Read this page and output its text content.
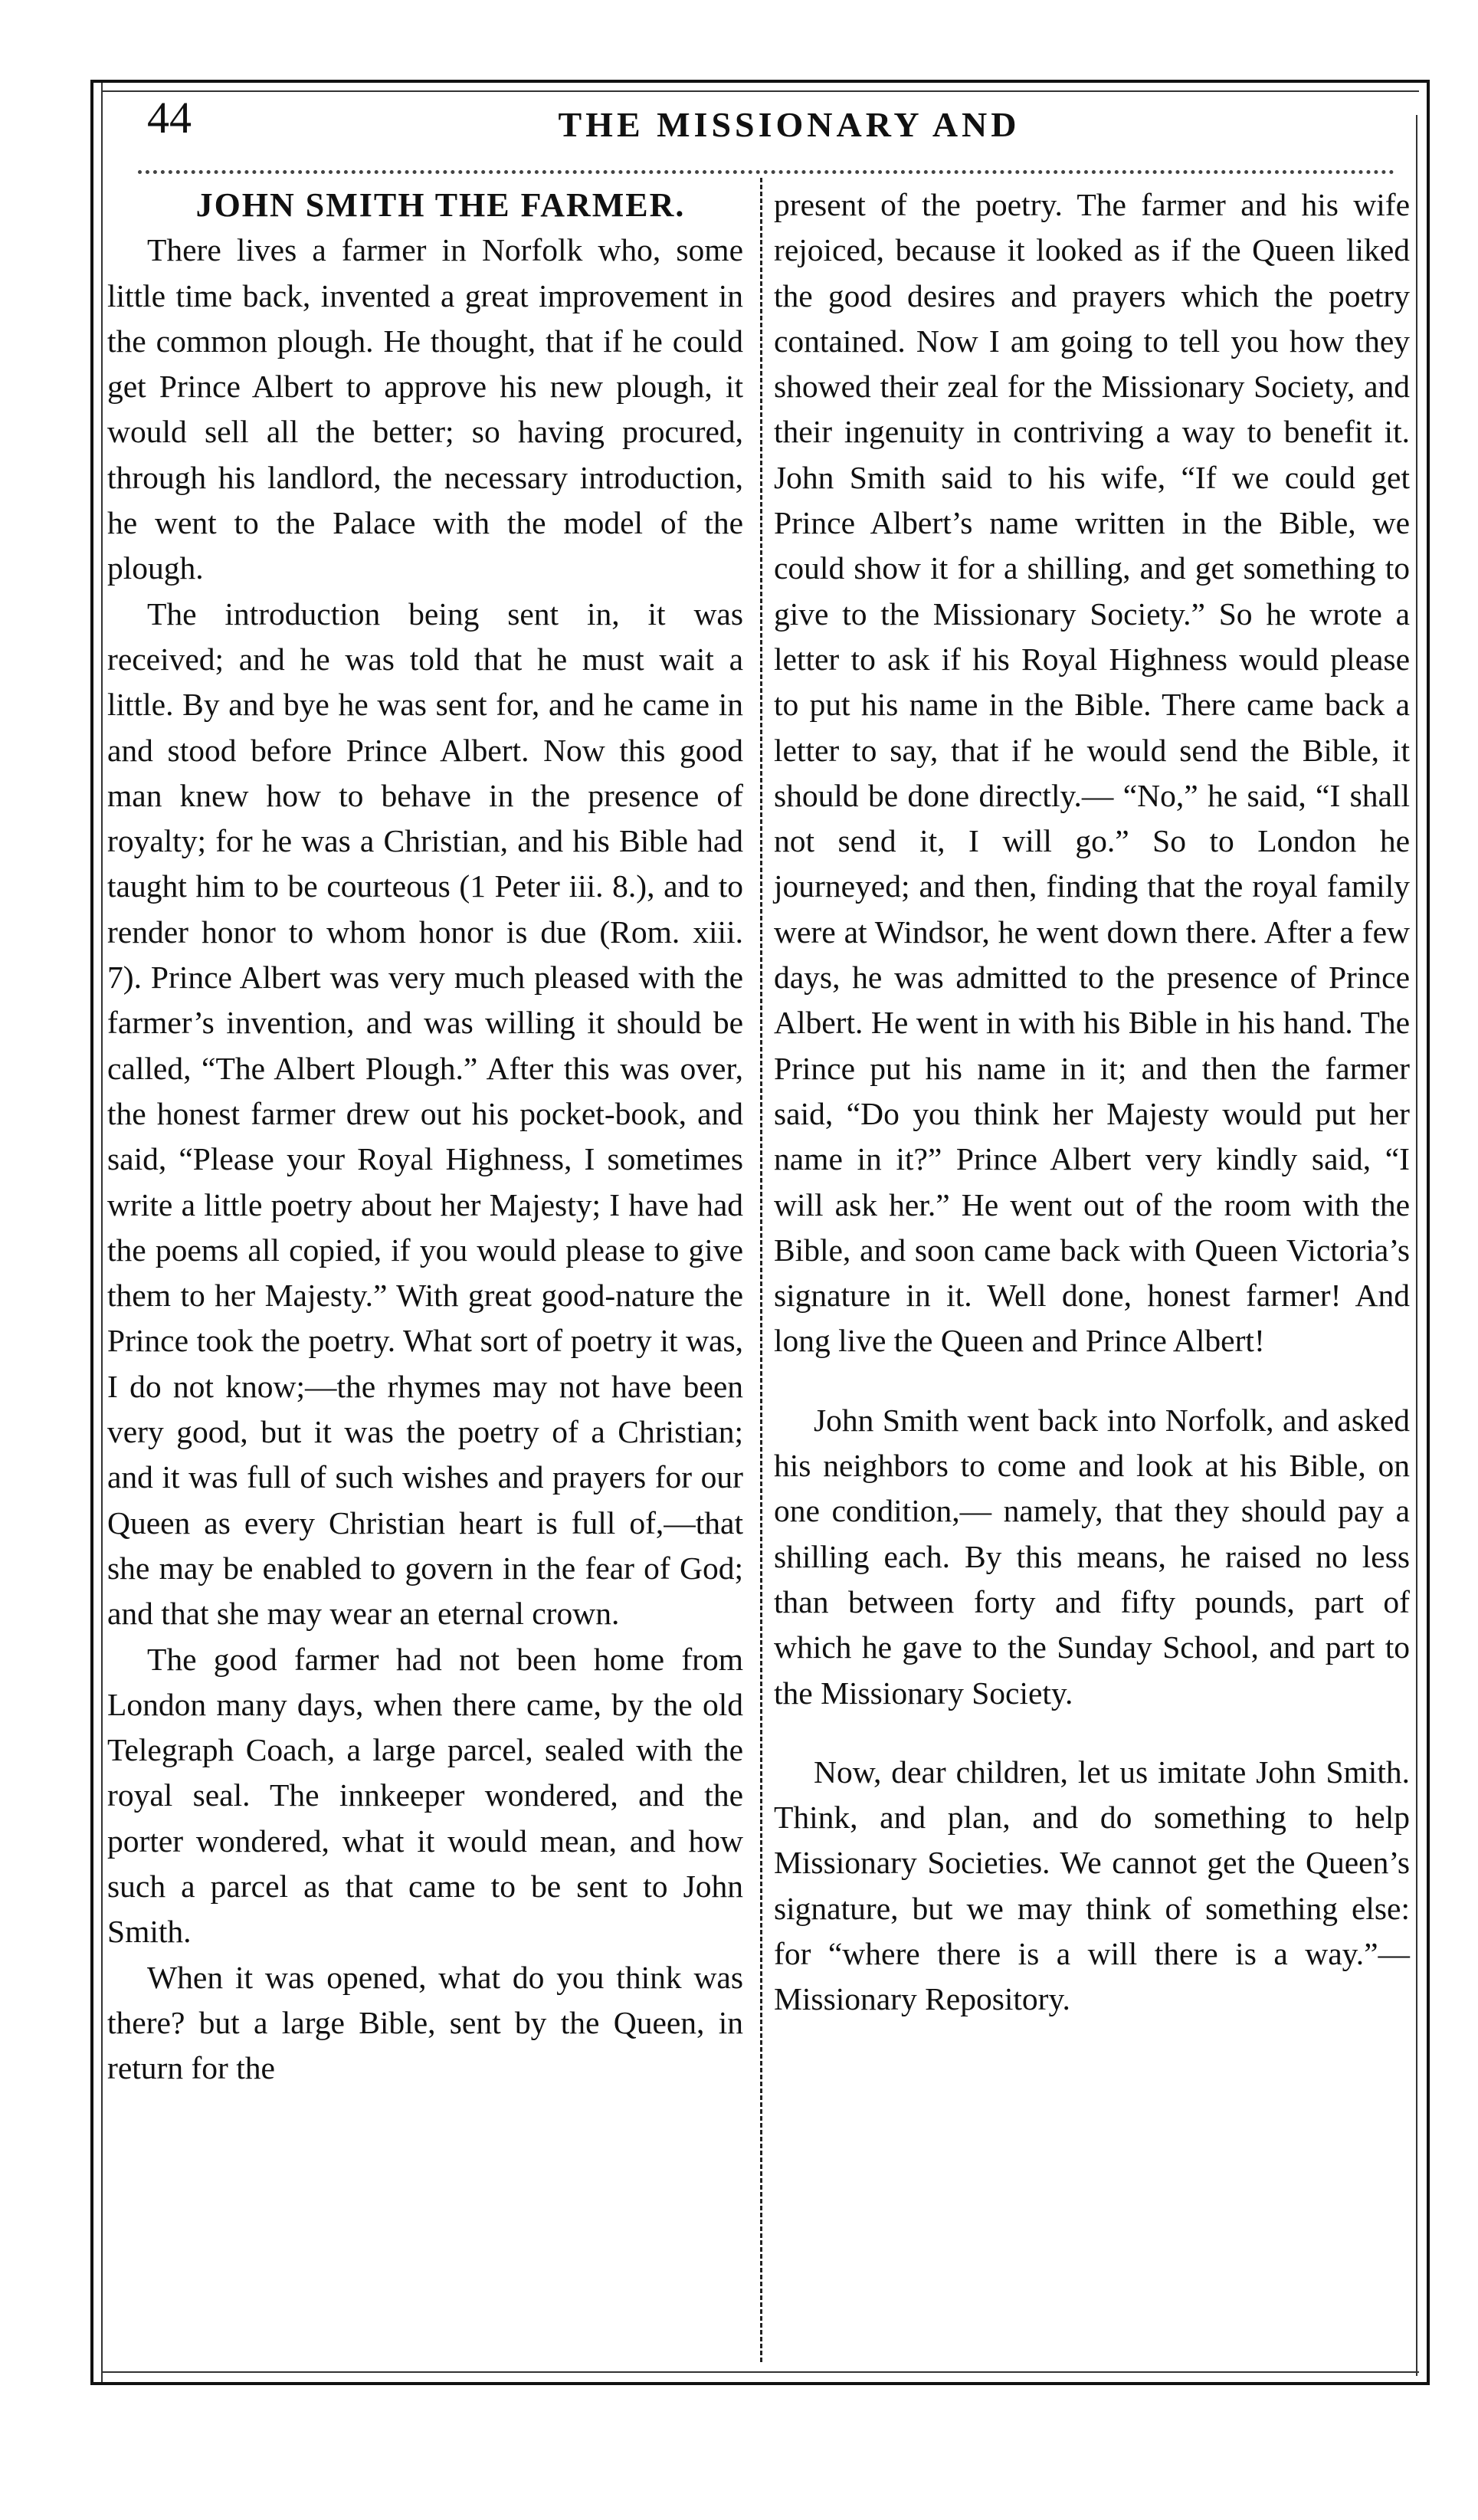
44	THE MISSIONARY AND
JOHN SMITH THE FARMER.

There lives a farmer in Norfolk who, some little time back, invented a great improvement in the common plough. He thought, that if he could get Prince Albert to approve his new plough, it would sell all the better; so having procured, through his landlord, the necessary introduction, he went to the Palace with the model of the plough.

The introduction being sent in, it was received; and he was told that he must wait a little. By and bye he was sent for, and he came in and stood before Prince Albert. Now this good man knew how to behave in the presence of royalty; for he was a Christian, and his Bible had taught him to be courteous (1 Peter iii. 8.), and to render honor to whom honor is due (Rom. xiii. 7). Prince Albert was very much pleased with the farmer’s invention, and was willing it should be called, “The Albert Plough.” After this was over, the honest farmer drew out his pocket-book, and said, “Please your Royal Highness, I sometimes write a little poetry about her Majesty; I have had the poems all copied, if you would please to give them to her Majesty.” With great good-nature the Prince took the poetry. What sort of poetry it was, I do not know;—the rhymes may not have been very good, but it was the poetry of a Christian; and it was full of such wishes and prayers for our Queen as every Christian heart is full of,—that she may be enabled to govern in the fear of God; and that she may wear an eternal crown.

The good farmer had not been home from London many days, when there came, by the old Telegraph Coach, a large parcel, sealed with the royal seal. The innkeeper wondered, and the porter wondered, what it would mean, and how such a parcel as that came to be sent to John Smith.

When it was opened, what do you think was there? but a large Bible, sent by the Queen, in return for the

present of the poetry. The farmer and his wife rejoiced, because it looked as if the Queen liked the good desires and prayers which the poetry contained. Now I am going to tell you how they showed their zeal for the Missionary Society, and their ingenuity in contriving a way to benefit it. John Smith said to his wife, “If we could get Prince Albert’s name written in the Bible, we could show it for a shilling, and get something to give to the Missionary Society.” So he wrote a letter to ask if his Royal Highness would please to put his name in the Bible. There came back a letter to say, that if he would send the Bible, it should be done directly.— “No,” he said, “I shall not send it, I will go.” So to London he journeyed; and then, finding that the royal family were at Windsor, he went down there. After a few days, he was admitted to the presence of Prince Albert. He went in with his Bible in his hand. The Prince put his name in it; and then the farmer said, “Do you think her Majesty would put her name in it?” Prince Albert very kindly said, “I will ask her.” He went out of the room with the Bible, and soon came back with Queen Victoria’s signature in it. Well done, honest farmer! And long live the Queen and Prince Albert!

John Smith went back into Norfolk, and asked his neighbors to come and look at his Bible, on one condition,— namely, that they should pay a shilling each. By this means, he raised no less than between forty and fifty pounds, part of which he gave to the Sunday School, and part to the Missionary Society.

Now, dear children, let us imitate John Smith. Think, and plan, and do something to help Missionary Societies. We cannot get the Queen’s signature, but we may think of something else: for “where there is a will there is a way.”—Missionary Repository.
